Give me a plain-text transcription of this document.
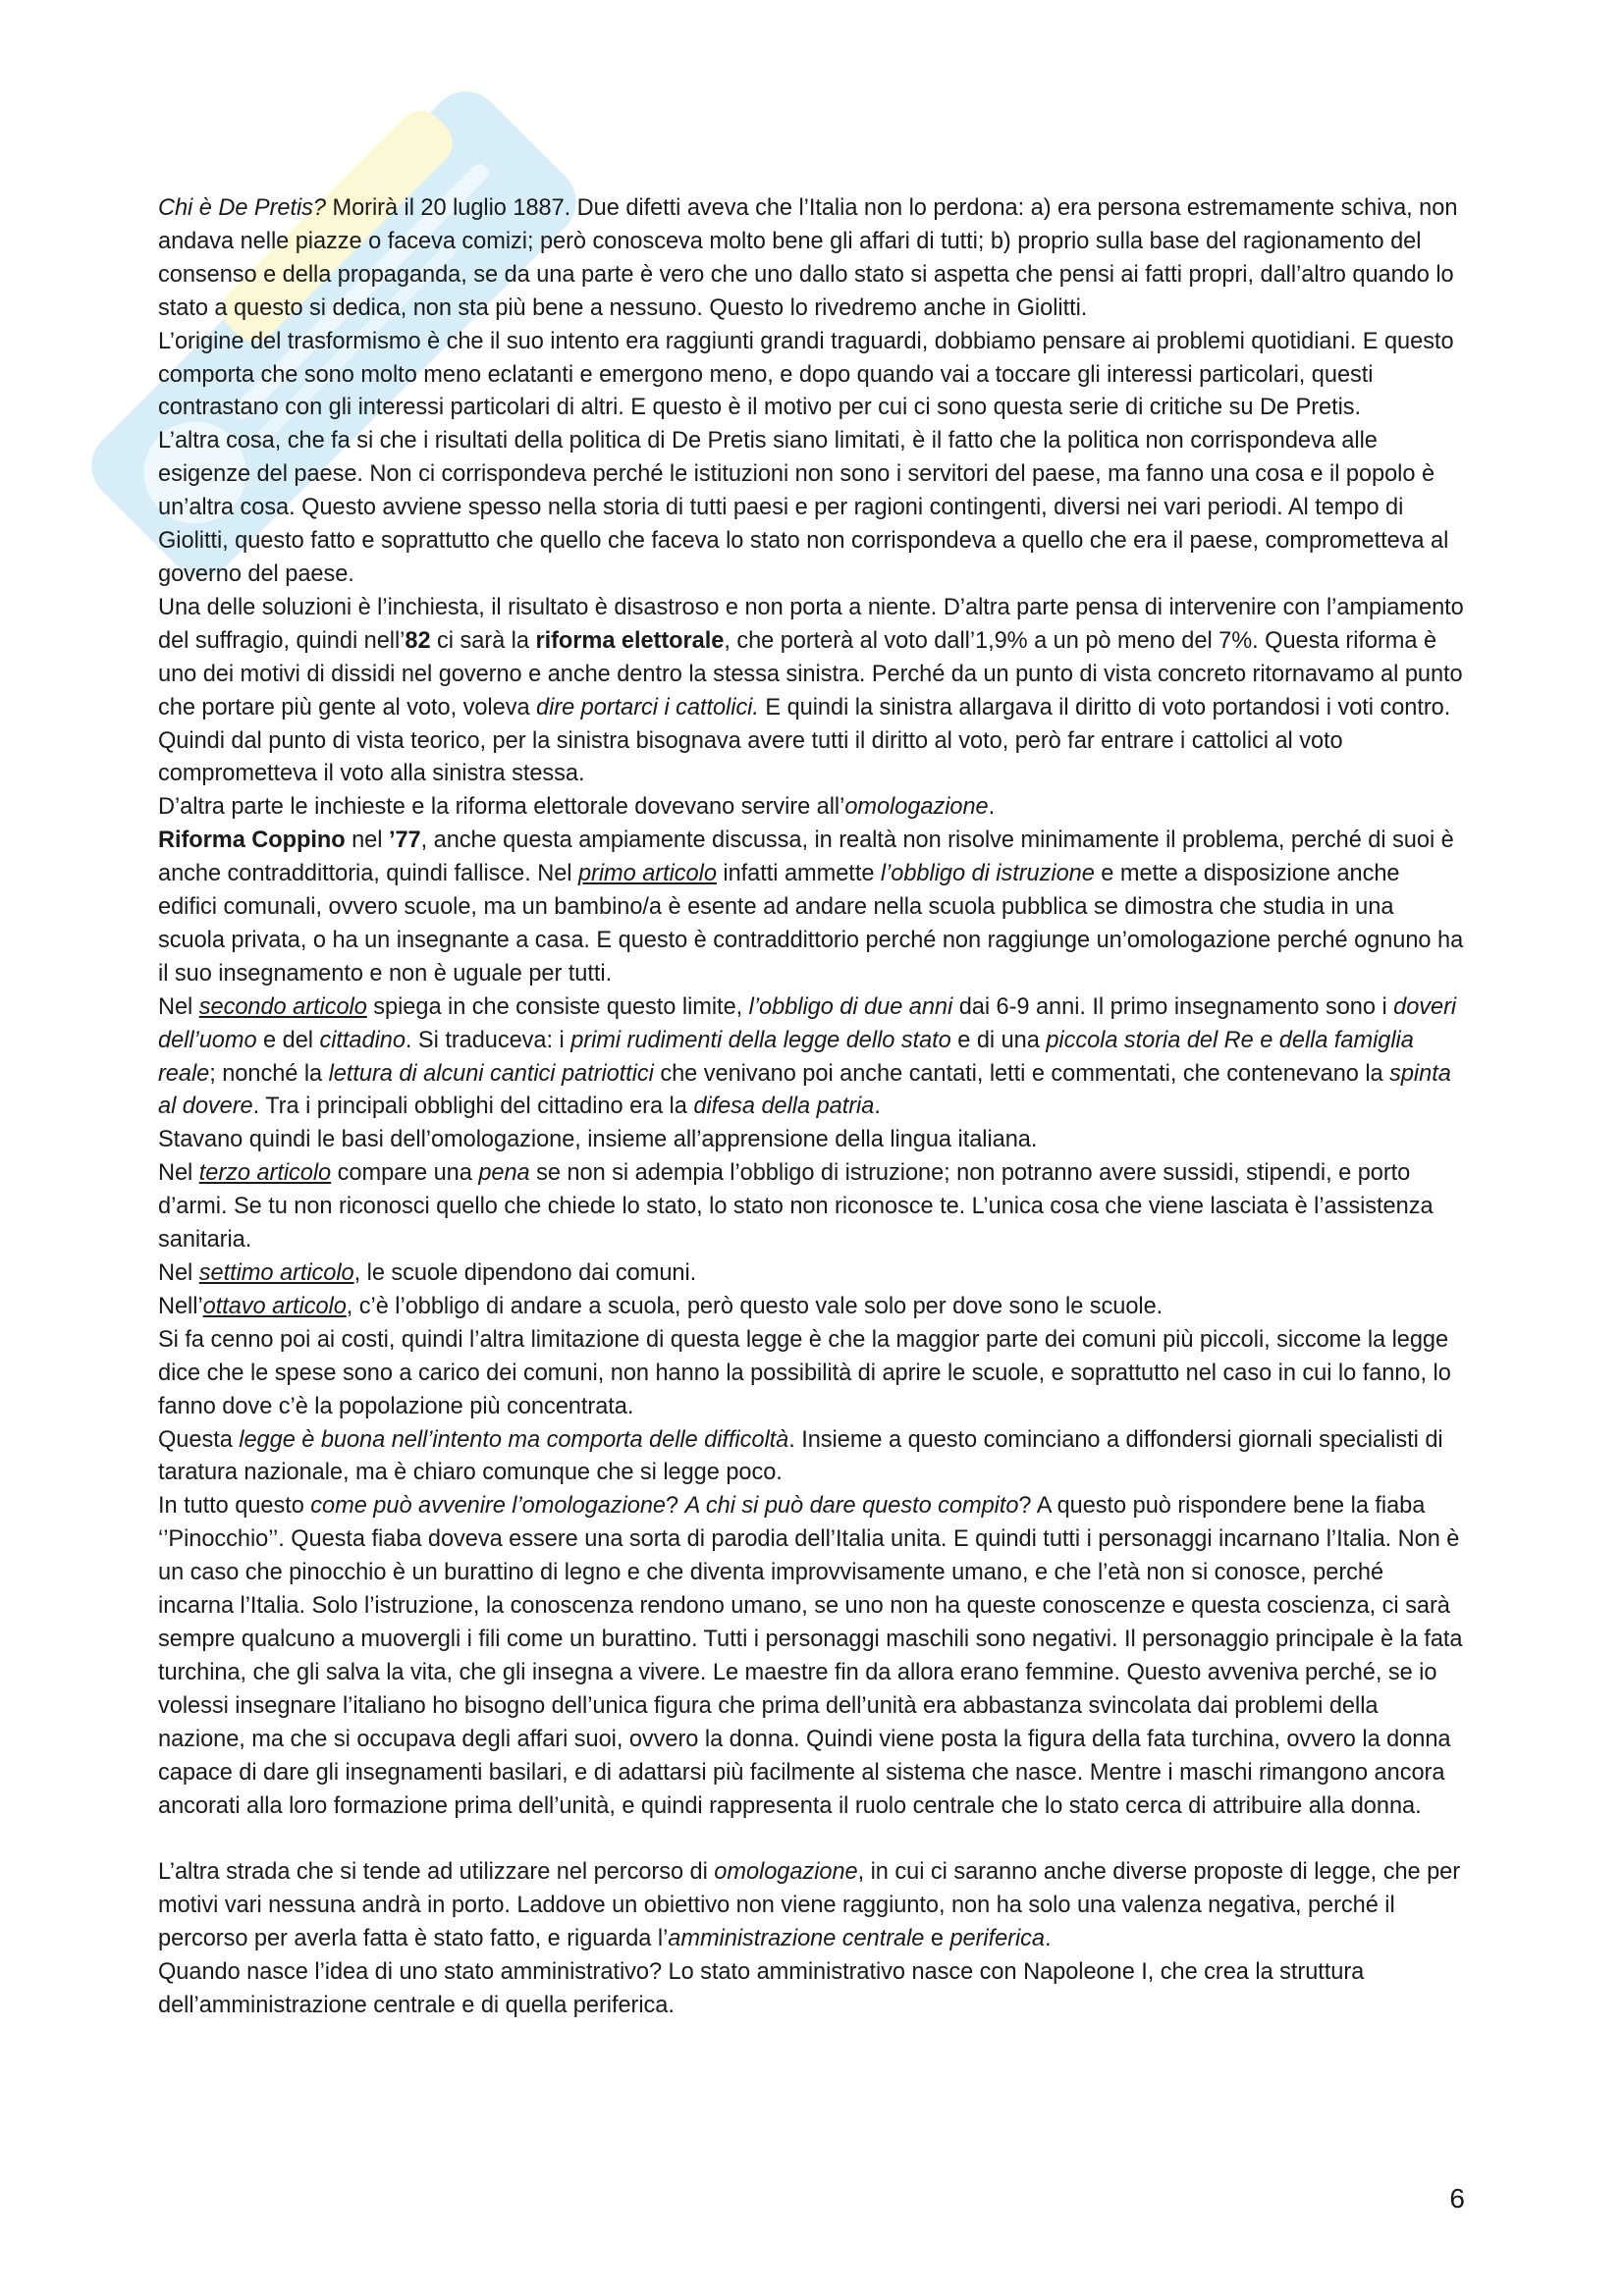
Chi è De Pretis? Morirà il 20 luglio 1887. Due difetti aveva che l’Italia non lo perdona: a) era persona estremamente schiva, non andava nelle piazze o faceva comizi; però conosceva molto bene gli affari di tutti; b) proprio sulla base del ragionamento del consenso e della propaganda, se da una parte è vero che uno dallo stato si aspetta che pensi ai fatti propri, dall’altro quando lo stato a questo si dedica, non sta più bene a nessuno. Questo lo rivedremo anche in Giolitti.

L’origine del trasformismo è che il suo intento era raggiunti grandi traguardi, dobbiamo pensare ai problemi quotidiani. E questo comporta che sono molto meno eclatanti e emergono meno, e dopo quando vai a toccare gli interessi particolari, questi contrastano con gli interessi particolari di altri. E questo è il motivo per cui ci sono questa serie di critiche su De Pretis.

L’altra cosa, che fa si che i risultati della politica di De Pretis siano limitati, è il fatto che la politica non corrispondeva alle esigenze del paese. Non ci corrispondeva perché le istituzioni non sono i servitori del paese, ma fanno una cosa e il popolo è un’altra cosa. Questo avviene spesso nella storia di tutti paesi e per ragioni contingenti, diversi nei vari periodi. Al tempo di Giolitti, questo fatto e soprattutto che quello che faceva lo stato non corrispondeva a quello che era il paese, comprometteva al governo del paese.

Una delle soluzioni è l’inchiesta, il risultato è disastroso e non porta a niente. D’altra parte pensa di intervenire con l’ampiamento del suffragio, quindi nell’82 ci sarà la riforma elettorale, che porterà al voto dall’1,9% a un pò meno del 7%. Questa riforma è uno dei motivi di dissidi nel governo e anche dentro la stessa sinistra. Perché da un punto di vista concreto ritornavamo al punto che portare più gente al voto, voleva dire portarci i cattolici. E quindi la sinistra allargava il diritto di voto portandosi i voti contro.

Quindi dal punto di vista teorico, per la sinistra bisognava avere tutti il diritto al voto, però far entrare i cattolici al voto comprometteva il voto alla sinistra stessa.

D’altra parte le inchieste e la riforma elettorale dovevano servire all’omologazione.

Riforma Coppino nel ’77, anche questa ampiamente discussa, in realtà non risolve minimamente il problema, perché di suoi è anche contraddittoria, quindi fallisce. Nel primo articolo infatti ammette l’obbligo di istruzione e mette a disposizione anche edifici comunali, ovvero scuole, ma un bambino/a è esente ad andare nella scuola pubblica se dimostra che studia in una scuola privata, o ha un insegnante a casa. E questo è contraddittorio perché non raggiunge un’omologazione perché ognuno ha il suo insegnamento e non è uguale per tutti.

Nel secondo articolo spiega in che consiste questo limite, l’obbligo di due anni dai 6-9 anni. Il primo insegnamento sono i doveri dell’uomo e del cittadino. Si traduceva: i primi rudimenti della legge dello stato e di una piccola storia del Re e della famiglia reale; nonché la lettura di alcuni cantici patriottici che venivano poi anche cantati, letti e commentati, che contenevano la spinta al dovere. Tra i principali obblighi del cittadino era la difesa della patria.

Stavano quindi le basi dell’omologazione, insieme all’apprensione della lingua italiana.

Nel terzo articolo compare una pena se non si adempia l’obbligo di istruzione; non potranno avere sussidi, stipendi, e porto d’armi. Se tu non riconosci quello che chiede lo stato, lo stato non riconosce te. L’unica cosa che viene lasciata è l’assistenza sanitaria.

Nel settimo articolo, le scuole dipendono dai comuni.

Nell’ottavo articolo, c’è l’obbligo di andare a scuola, però questo vale solo per dove sono le scuole.

Si fa cenno poi ai costi, quindi l’altra limitazione di questa legge è che la maggior parte dei comuni più piccoli, siccome la legge dice che le spese sono a carico dei comuni, non hanno la possibilità di aprire le scuole, e soprattutto nel caso in cui lo fanno, lo fanno dove c’è la popolazione più concentrata.

Questa legge è buona nell’intento ma comporta delle difficoltà. Insieme a questo cominciano a diffondersi giornali specialisti di taratura nazionale, ma è chiaro comunque che si legge poco.

In tutto questo come può avvenire l’omologazione? A chi si può dare questo compito? A questo può rispondere bene la fiaba ‘’Pinocchio’’. Questa fiaba doveva essere una sorta di parodia dell’Italia unita. E quindi tutti i personaggi incarnano l’Italia. Non è un caso che pinocchio è un burattino di legno e che diventa improvvisamente umano, e che l’età non si conosce, perché incarna l’Italia. Solo l’istruzione, la conoscenza rendono umano, se uno non ha queste conoscenze e questa coscienza, ci sarà sempre qualcuno a muovergli i fili come un burattino. Tutti i personaggi maschili sono negativi. Il personaggio principale è la fata turchina, che gli salva la vita, che gli insegna a vivere. Le maestre fin da allora erano femmine. Questo avveniva perché, se io volessi insegnare l’italiano ho bisogno dell’unica figura che prima dell’unità era abbastanza svincolata dai problemi della nazione, ma che si occupava degli affari suoi, ovvero la donna. Quindi viene posta la figura della fata turchina, ovvero la donna capace di dare gli insegnamenti basilari, e di adattarsi più facilmente al sistema che nasce. Mentre i maschi rimangono ancora ancorati alla loro formazione prima dell’unità, e quindi rappresenta il ruolo centrale che lo stato cerca di attribuire alla donna.

L’altra strada che si tende ad utilizzare nel percorso di omologazione, in cui ci saranno anche diverse proposte di legge, che per motivi vari nessuna andrà in porto. Laddove un obiettivo non viene raggiunto, non ha solo una valenza negativa, perché il percorso per averla fatta è stato fatto, e riguarda l’amministrazione centrale e periferica.

Quando nasce l’idea di uno stato amministrativo? Lo stato amministrativo nasce con Napoleone I, che crea la struttura dell’amministrazione centrale e di quella periferica.

6
